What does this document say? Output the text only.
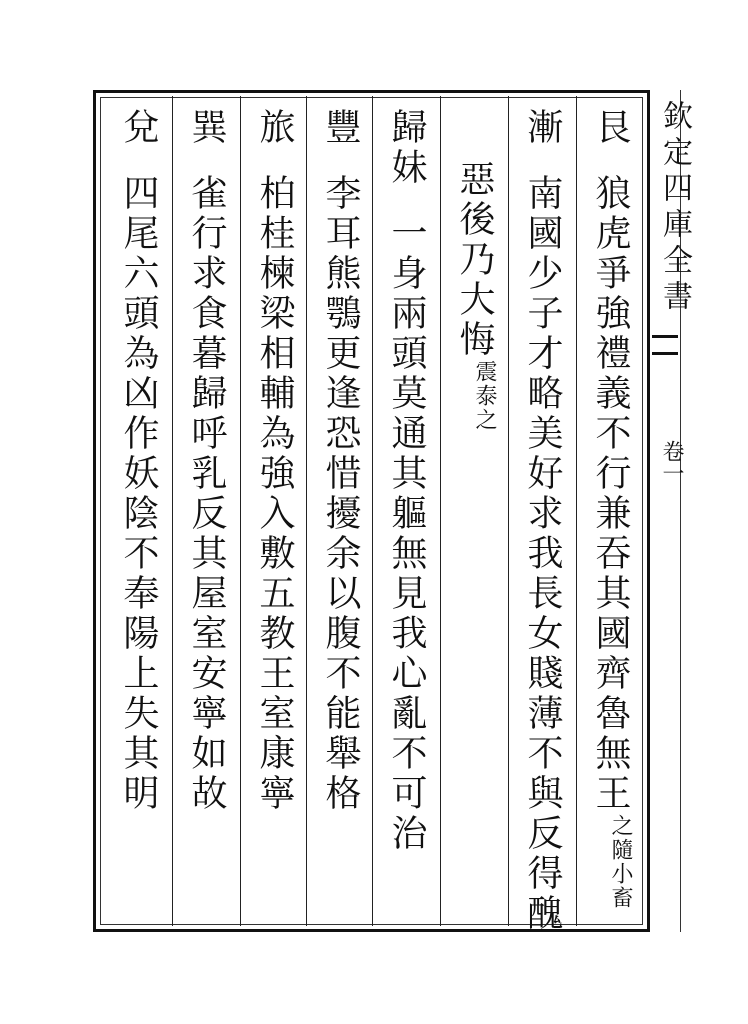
欽定四庫全書
卷一
艮狼虎爭強禮義不行兼吞其國齊魯無王
小畜
之隨
漸南國少子才略美好求我長女賤薄不與反得醜
惡後乃大悔
泰之
震
歸妹一身兩頭莫通其軀無見我心亂不可治
豐李耳熊鶚更逢恐惜擾余以腹不能舉格
旅柏桂楝梁相輔為強入敷五教王室康寧
巽雀行求食暮歸呼乳反其屋室安寧如故
兌四尾六頭為凶作妖陰不奉陽上失其明
